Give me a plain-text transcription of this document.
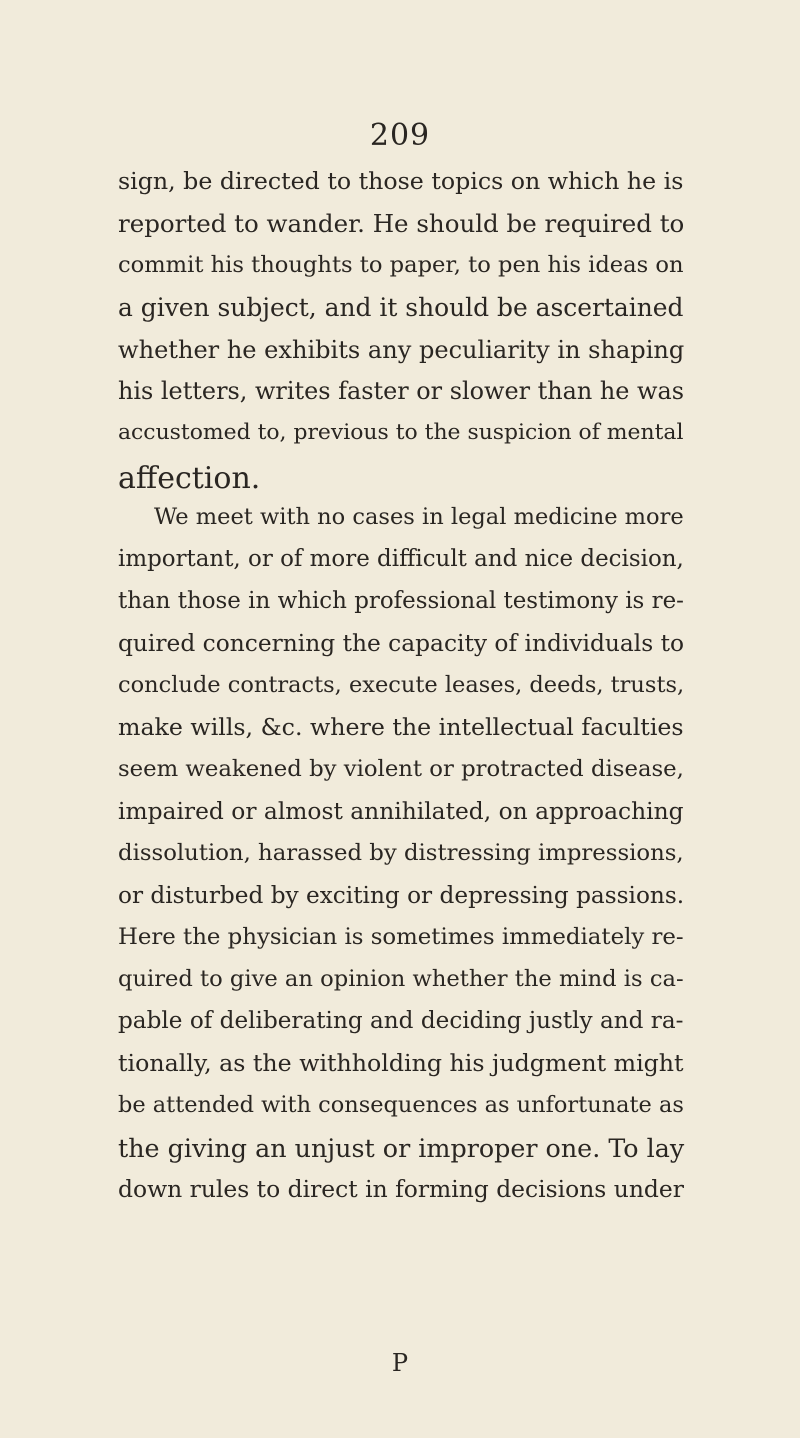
209
sign, be directed to those topics on which he is
reported to wander. He should be required to
commit his thoughts to paper, to pen his ideas on
a given subject, and it should be ascertained
whether he exhibits any peculiarity in shaping
his letters, writes faster or slower than he was
accustomed to, previous to the suspicion of mental
affection.
We meet with no cases in legal medicine more
important, or of more difficult and nice decision,
than those in which professional testimony is re-
quired concerning the capacity of individuals to
conclude contracts, execute leases, deeds, trusts,
make wills, &c. where the intellectual faculties
seem weakened by violent or protracted disease,
impaired or almost annihilated, on approaching
dissolution, harassed by distressing impressions,
or disturbed by exciting or depressing passions.
Here the physician is sometimes immediately re-
quired to give an opinion whether the mind is ca-
pable of deliberating and deciding justly and ra-
tionally, as the withholding his judgment might
be attended with consequences as unfortunate as
the giving an unjust or improper one. To lay
down rules to direct in forming decisions under
P
